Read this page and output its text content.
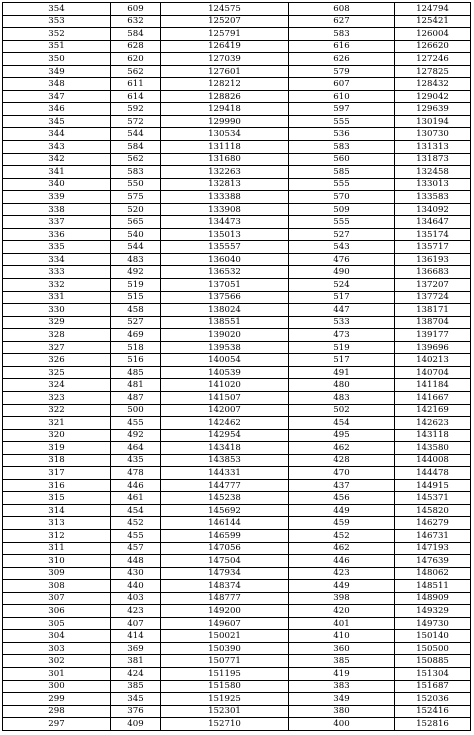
354	609	124575	608	124794
353	632	125207	627	125421
352	584	125791	583	126004
351	628	126419	616	126620
350	620	127039	626	127246
349	562	127601	579	127825
348	611	128212	607	128432
347	614	128826	610	129042
346	592	129418	597	129639
345	572	129990	555	130194
344	544	130534	536	130730
343	584	131118	583	131313
342	562	131680	560	131873
341	583	132263	585	132458
340	550	132813	555	133013
339	575	133388	570	133583
338	520	133908	509	134092
337	565	134473	555	134647
336	540	135013	527	135174
335	544	135557	543	135717
334	483	136040	476	136193
333	492	136532	490	136683
332	519	137051	524	137207
331	515	137566	517	137724
330	458	138024	447	138171
329	527	138551	533	138704
328	469	139020	473	139177
327	518	139538	519	139696
326	516	140054	517	140213
325	485	140539	491	140704
324	481	141020	480	141184
323	487	141507	483	141667
322	500	142007	502	142169
321	455	142462	454	142623
320	492	142954	495	143118
319	464	143418	462	143580
318	435	143853	428	144008
317	478	144331	470	144478
316	446	144777	437	144915
315	461	145238	456	145371
314	454	145692	449	145820
313	452	146144	459	146279
312	455	146599	452	146731
311	457	147056	462	147193
310	448	147504	446	147639
309	430	147934	423	148062
308	440	148374	449	148511
307	403	148777	398	148909
306	423	149200	420	149329
305	407	149607	401	149730
304	414	150021	410	150140
303	369	150390	360	150500
302	381	150771	385	150885
301	424	151195	419	151304
300	385	151580	383	151687
299	345	151925	349	152036
298	376	152301	380	152416
297	409	152710	400	152816
